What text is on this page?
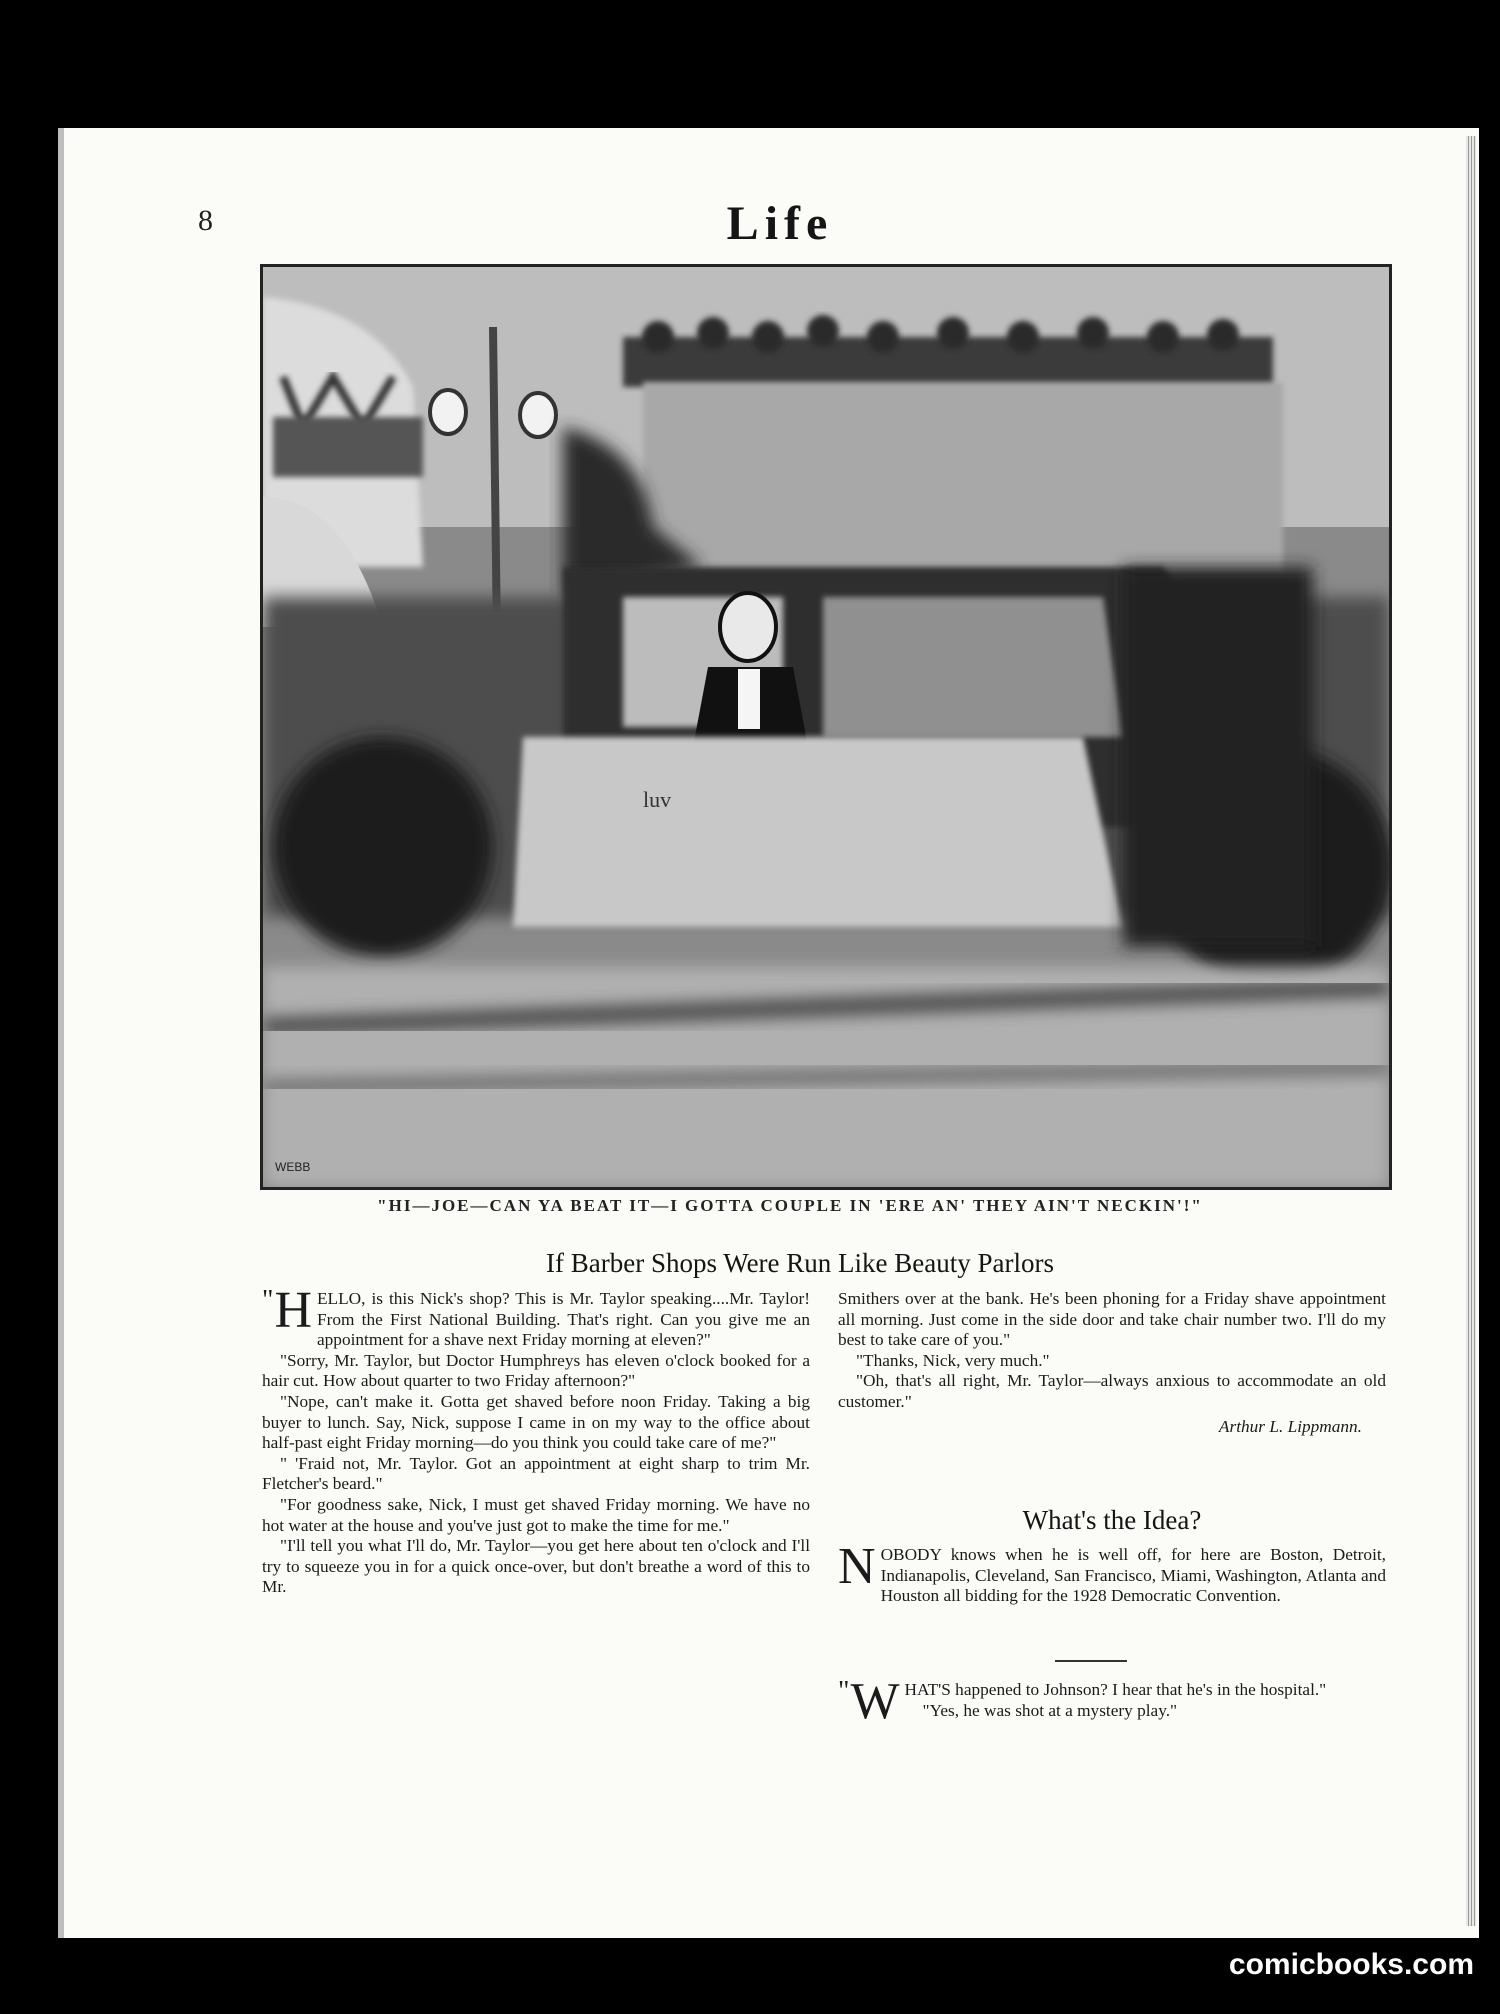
8	Life
luv
WEBB
"HI—JOE—CAN YA BEAT IT—I GOTTA COUPLE IN 'ERE AN' THEY AIN'T NECKIN'!"
If Barber Shops Were Run Like Beauty Parlors

" H ELLO, is this Nick's shop? This is Mr. Taylor speaking....Mr. Taylor! From the First National Building. That's right. Can you give me an appointment for a shave next Friday morning at eleven?"

"Sorry, Mr. Taylor, but Doctor Humphreys has eleven o'clock booked for a hair cut. How about quarter to two Friday afternoon?"

"Nope, can't make it. Gotta get shaved before noon Friday. Taking a big buyer to lunch. Say, Nick, suppose I came in on my way to the office about half-past eight Friday morning—do you think you could take care of me?"

" 'Fraid not, Mr. Taylor. Got an appointment at eight sharp to trim Mr. Fletcher's beard."

"For goodness sake, Nick, I must get shaved Friday morning. We have no hot water at the house and you've just got to make the time for me."

"I'll tell you what I'll do, Mr. Taylor—you get here about ten o'clock and I'll try to squeeze you in for a quick once-over, but don't breathe a word of this to Mr.

Smithers over at the bank. He's been phoning for a Friday shave appointment all morning. Just come in the side door and take chair number two. I'll do my best to take care of you."

"Thanks, Nick, very much."

"Oh, that's all right, Mr. Taylor—always anxious to accommodate an old customer."

Arthur L. Lippmann.
What's the Idea?

NOBODY knows when he is well off, for here are Boston, Detroit, Indianapolis, Cleveland, San Francisco, Miami, Washington, Atlanta and Houston all bidding for the 1928 Democratic Convention.

" W HAT'S happened to Johnson? I hear that he's in the hospital."

"Yes, he was shot at a mystery play."

comicbooks.com
